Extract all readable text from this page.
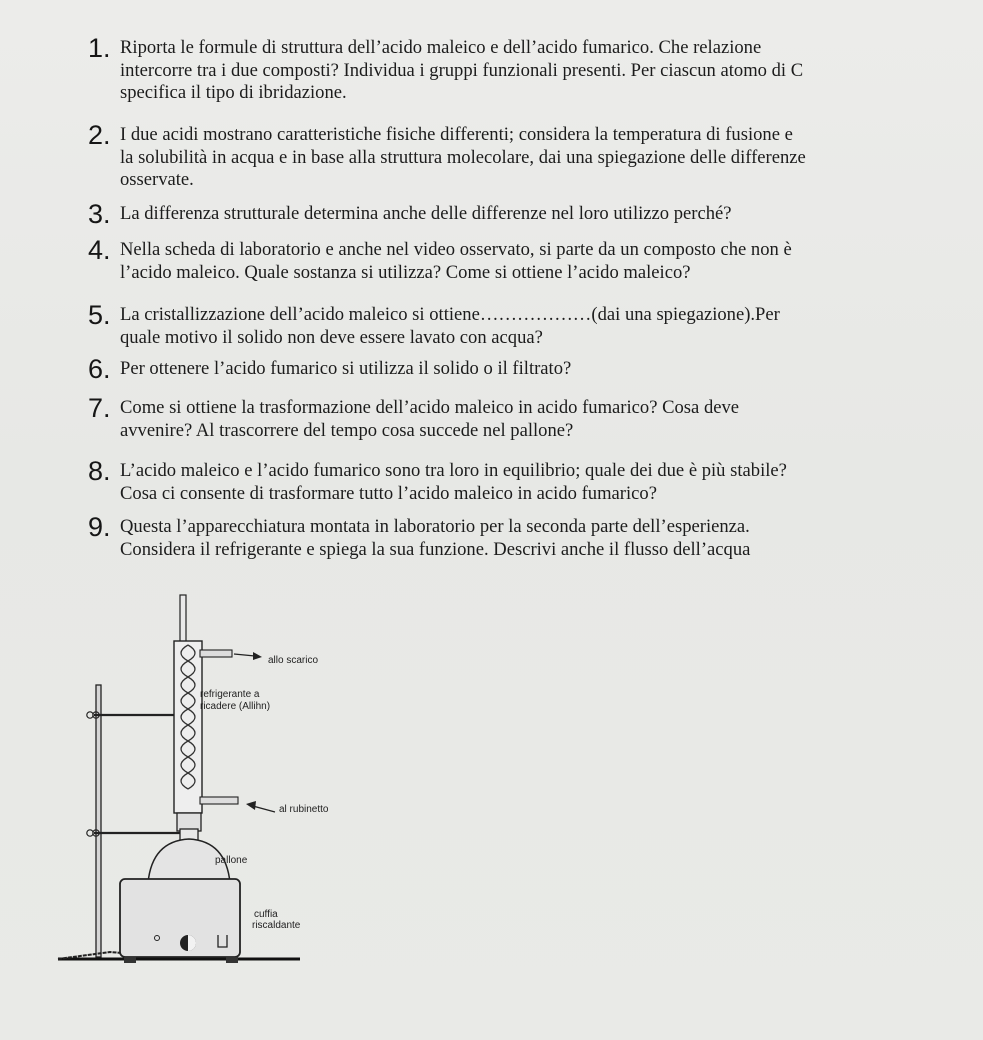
1. Riporta le formule di struttura dell’acido maleico e dell’acido fumarico. Che relazione
intercorre tra i due composti? Individua i gruppi funzionali presenti. Per ciascun atomo di C
specifica il tipo di ibridazione.
2. I due acidi mostrano caratteristiche fisiche differenti; considera la temperatura di fusione e
la solubilità in acqua e in base alla struttura molecolare, dai una spiegazione delle differenze
osservate.
3. La differenza strutturale determina anche delle differenze nel loro utilizzo perché?
4. Nella scheda di laboratorio e anche nel video osservato, si parte da un composto che non è
l’acido maleico. Quale sostanza si utilizza? Come si ottiene l’acido maleico?
5. La cristallizzazione dell’acido maleico si ottiene………………(dai una spiegazione).Per
quale motivo il solido non deve essere lavato con acqua?
6. Per ottenere l’acido fumarico si utilizza il solido o il filtrato?
7. Come si ottiene la trasformazione dell’acido maleico in acido fumarico? Cosa deve
avvenire? Al trascorrere del tempo cosa succede nel pallone?
8. L’acido maleico e l’acido fumarico sono tra loro in equilibrio; quale dei due è più stabile?
Cosa ci consente di trasformare tutto l’acido maleico in acido fumarico?
9. Questa l’apparecchiatura montata in laboratorio per la seconda parte dell’esperienza.
Considera il refrigerante e spiega la sua funzione. Descrivi anche il flusso dell’acqua
allo scarico
refrigerante a
ricadere (Allihn)
al rubinetto
pallone
cuffia
riscaldante
